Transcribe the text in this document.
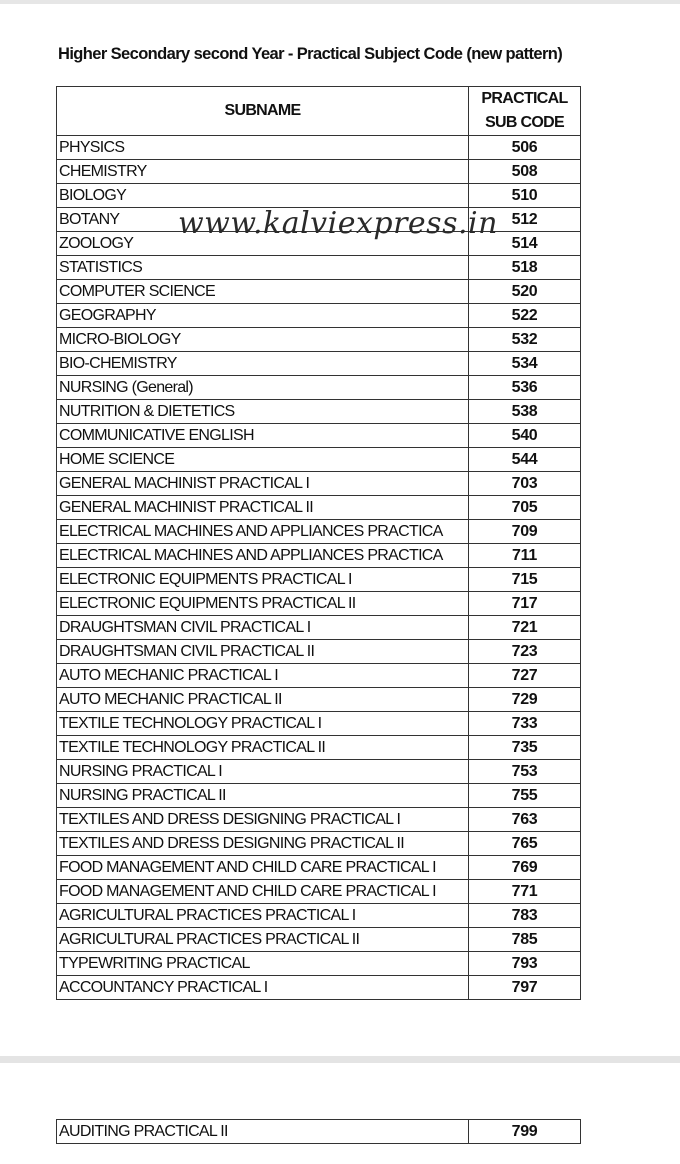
Higher Secondary second Year - Practical Subject Code (new pattern)
SUBNAME	PRACTICAL
SUB CODE
PHYSICS	506
CHEMISTRY	508
BIOLOGY	510
BOTANY	512
ZOOLOGY	514
STATISTICS	518
COMPUTER SCIENCE	520
GEOGRAPHY	522
MICRO-BIOLOGY	532
BIO-CHEMISTRY	534
NURSING (General)	536
NUTRITION & DIETETICS	538
COMMUNICATIVE ENGLISH	540
HOME SCIENCE	544
GENERAL MACHINIST PRACTICAL I	703
GENERAL MACHINIST PRACTICAL II	705
ELECTRICAL MACHINES AND APPLIANCES PRACTICA	709
ELECTRICAL MACHINES AND APPLIANCES PRACTICA	711
ELECTRONIC EQUIPMENTS PRACTICAL I	715
ELECTRONIC EQUIPMENTS PRACTICAL II	717
DRAUGHTSMAN CIVIL PRACTICAL I	721
DRAUGHTSMAN CIVIL PRACTICAL II	723
AUTO MECHANIC PRACTICAL I	727
AUTO MECHANIC PRACTICAL II	729
TEXTILE TECHNOLOGY PRACTICAL I	733
TEXTILE TECHNOLOGY PRACTICAL II	735
NURSING PRACTICAL I	753
NURSING PRACTICAL II	755
TEXTILES AND DRESS DESIGNING PRACTICAL I	763
TEXTILES AND DRESS DESIGNING PRACTICAL II	765
FOOD MANAGEMENT AND CHILD CARE PRACTICAL I	769
FOOD MANAGEMENT AND CHILD CARE PRACTICAL I	771
AGRICULTURAL PRACTICES PRACTICAL I	783
AGRICULTURAL PRACTICES PRACTICAL II	785
TYPEWRITING PRACTICAL	793
ACCOUNTANCY PRACTICAL I	797
www.kalviexpress.in
AUDITING PRACTICAL II	799
